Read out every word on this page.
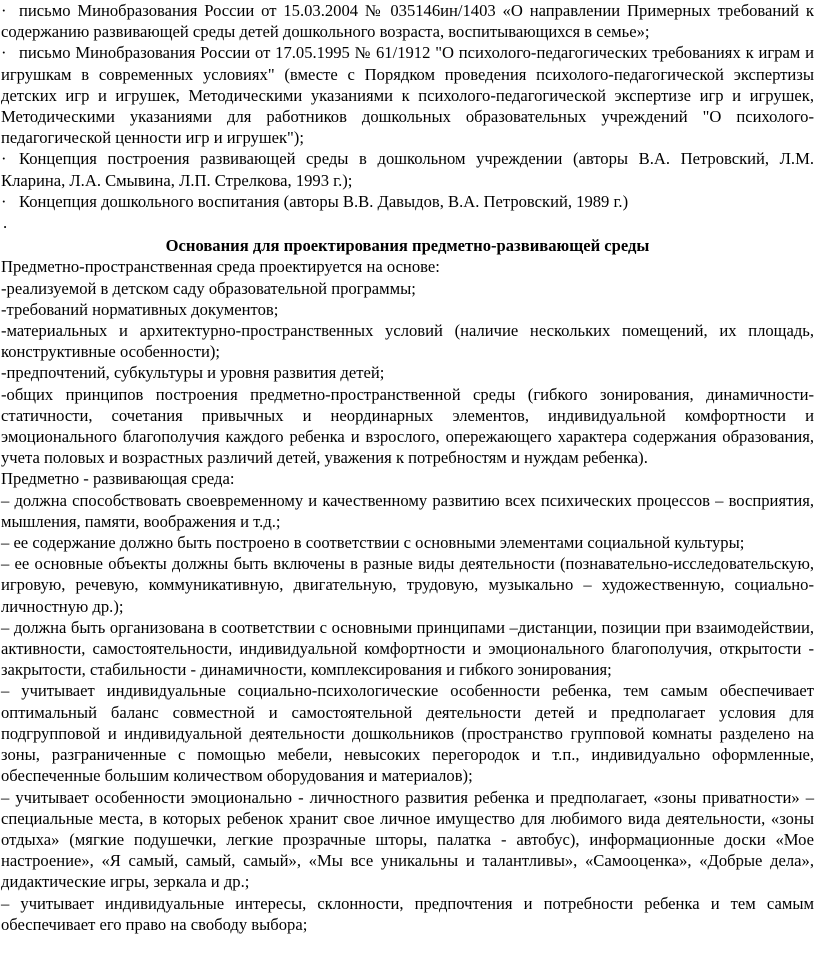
· письмо Минобразования России от 15.03.2004 № 035146ин/1403 «О направлении Примерных требований к содержанию развивающей среды детей дошкольного возраста, воспитывающихся в семье»;

· письмо Минобразования России от 17.05.1995 № 61/1912 "О психолого-педагогических требованиях к играм и игрушкам в современных условиях" (вместе с Порядком проведения психолого-педагогической экспертизы детских игр и игрушек, Методическими указаниями к психолого-педагогической экспертизе игр и игрушек, Методическими указаниями для работников дошкольных образовательных учреждений "О психолого-педагогической ценности игр и игрушек");

· Концепция построения развивающей среды в дошкольном учреждении (авторы В.А. Петровский, Л.М. Кларина, Л.А. Смывина, Л.П. Стрелкова, 1993 г.);

· Концепция дошкольного воспитания (авторы В.В. Давыдов, В.А. Петровский, 1989 г.)

.

Основания для проектирования предметно-развивающей среды

Предметно-пространственная среда проектируется на основе:

-реализуемой в детском саду образовательной программы;

-требований нормативных документов;

-материальных и архитектурно-пространственных условий (наличие нескольких помещений, их площадь, конструктивные особенности);

-предпочтений, субкультуры и уровня развития детей;

-общих принципов построения предметно-пространственной среды (гибкого зонирования, динамичности-статичности, сочетания привычных и неординарных элементов, индивидуальной комфортности и эмоционального благополучия каждого ребенка и взрослого, опережающего характера содержания образования, учета половых и возрастных различий детей, уважения к потребностям и нуждам ребенка).

Предметно - развивающая среда:

– должна способствовать своевременному и качественному развитию всех психических процессов – восприятия, мышления, памяти, воображения и т.д.;

– ее содержание должно быть построено в соответствии с основными элементами социальной культуры;

– ее основные объекты должны быть включены в разные виды деятельности (познавательно-исследовательскую, игровую, речевую, коммуникативную, двигательную, трудовую, музыкально – художественную, социально- личностную др.);

– должна быть организована в соответствии с основными принципами –дистанции, позиции при взаимодействии, активности, самостоятельности, индивидуальной комфортности и эмоционального благополучия, открытости - закрытости, стабильности - динамичности, комплексирования и гибкого зонирования;

– учитывает индивидуальные социально-психологические особенности ребенка, тем самым обеспечивает оптимальный баланс совместной и самостоятельной деятельности детей и предполагает условия для подгрупповой и индивидуальной деятельности дошкольников (пространство групповой комнаты разделено на зоны, разграниченные с помощью мебели, невысоких перегородок и т.п., индивидуально оформленные, обеспеченные большим количеством оборудования и материалов);

– учитывает особенности эмоционально - личностного развития ребенка и предполагает, «зоны приватности» – специальные места, в которых ребенок хранит свое личное имущество для любимого вида деятельности, «зоны отдыха» (мягкие подушечки, легкие прозрачные шторы, палатка - автобус), информационные доски «Мое настроение», «Я самый, самый, самый», «Мы все уникальны и талантливы», «Самооценка», «Добрые дела», дидактические игры, зеркала и др.;

– учитывает индивидуальные интересы, склонности, предпочтения и потребности ребенка и тем самым обеспечивает его право на свободу выбора;
